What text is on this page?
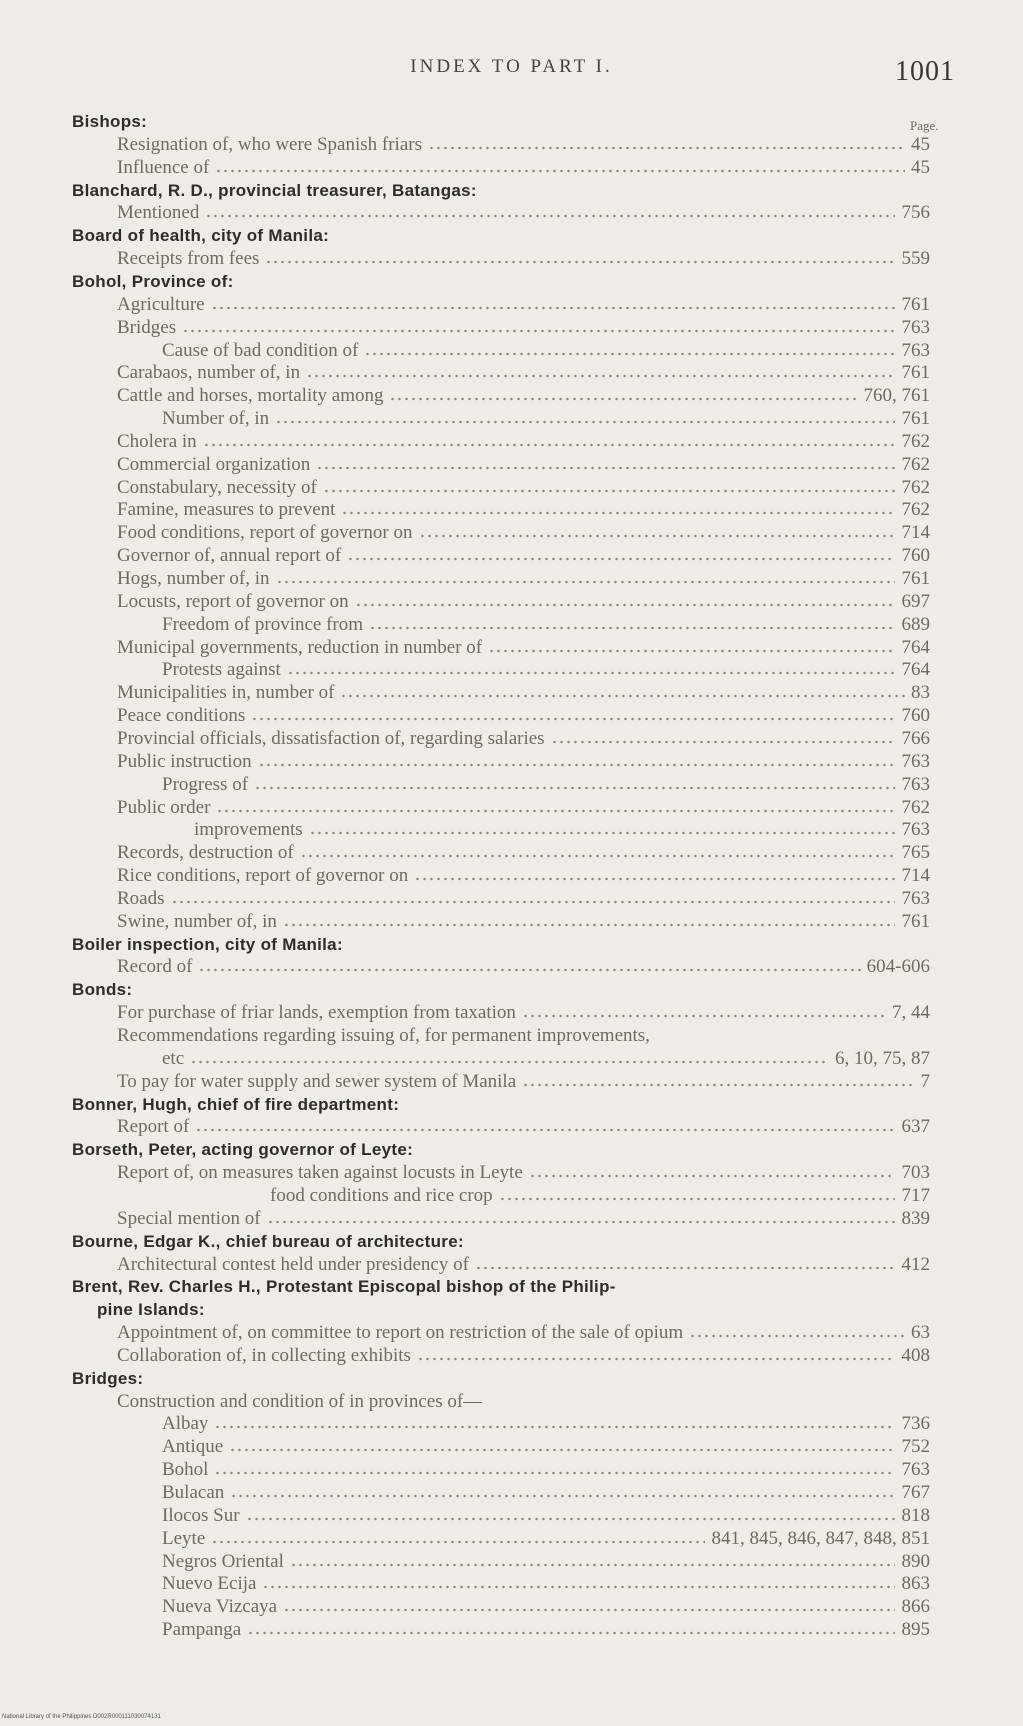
INDEX TO PART I.	1001
Page.
Bishops:
Resignation of, who were Spanish friars	45
Influence of	45
Blanchard, R. D., provincial treasurer, Batangas:
Mentioned	756
Board of health, city of Manila:
Receipts from fees	559
Bohol, Province of:
Agriculture	761
Bridges	763
Cause of bad condition of	763
Carabaos, number of, in	761
Cattle and horses, mortality among	760, 761
Number of, in	761
Cholera in	762
Commercial organization	762
Constabulary, necessity of	762
Famine, measures to prevent	762
Food conditions, report of governor on	714
Governor of, annual report of	760
Hogs, number of, in	761
Locusts, report of governor on	697
Freedom of province from	689
Municipal governments, reduction in number of	764
Protests against	764
Municipalities in, number of	83
Peace conditions	760
Provincial officials, dissatisfaction of, regarding salaries	766
Public instruction	763
Progress of	763
Public order	762
improvements	763
Records, destruction of	765
Rice conditions, report of governor on	714
Roads	763
Swine, number of, in	761
Boiler inspection, city of Manila:
Record of	604-606
Bonds:
For purchase of friar lands, exemption from taxation	7, 44
Recommendations regarding issuing of, for permanent improvements,
etc	6, 10, 75, 87
To pay for water supply and sewer system of Manila	7
Bonner, Hugh, chief of fire department:
Report of	637
Borseth, Peter, acting governor of Leyte:
Report of, on measures taken against locusts in Leyte	703
food conditions and rice crop	717
Special mention of	839
Bourne, Edgar K., chief bureau of architecture:
Architectural contest held under presidency of	412
Brent, Rev. Charles H., Protestant Episcopal bishop of the Philip-
pine Islands:
Appointment of, on committee to report on restriction of the sale of opium	63
Collaboration of, in collecting exhibits	408
Bridges:
Construction and condition of in provinces of—
Albay	736
Antique	752
Bohol	763
Bulacan	767
Ilocos Sur	818
Leyte	841, 845, 846, 847, 848, 851
Negros Oriental	890
Nuevo Ecija	863
Nueva Vizcaya	866
Pampanga	895
National Library of the Philippines D002R000111030074131
